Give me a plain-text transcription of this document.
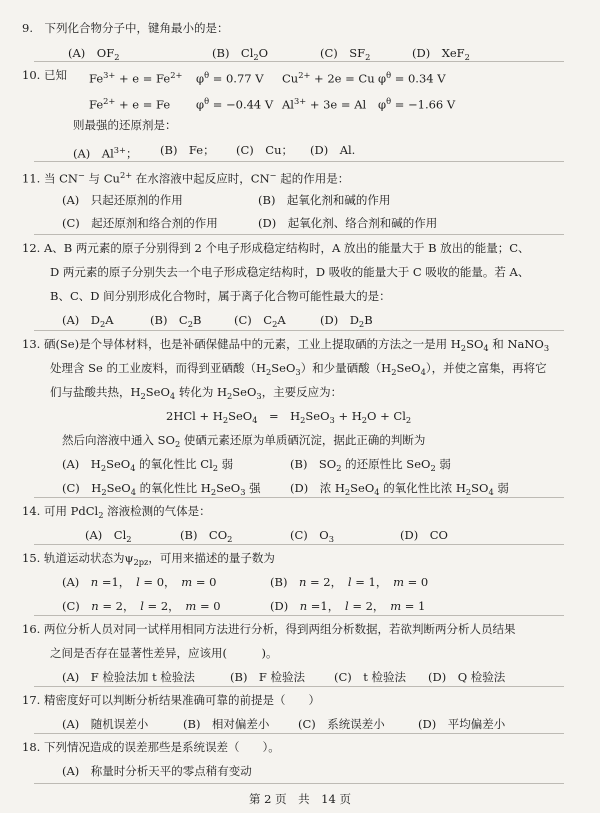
9.　下列化合物分子中，键角最小的是：
(A)　$OF_2$	(B)　$Cl_2O$	(C)　$SF_2$	(D)　XeF$_2$
10. 已知 $Fe^{3+} + e = Fe^{2+}$ $\varphi^\theta = 0.77$ V $Cu^{2+} + 2e = Cu$ $\varphi^\theta = 0.34$ V
$Fe^{2+} + e = Fe$ $\varphi^\theta = -0.44$ V $Al^{3+} + 3e = Al$ $\varphi^\theta = -1.66$ V
则最强的还原剂是：
(A)　$Al^{3+}$； (B)　Fe； (C)　Cu； (D)　Al.
11. 当 CN− 与 $Cu^{2+}$ 在水溶液中起反应时，CN− 起的作用是：
(A)　只起还原剂的作用	(B)　起氧化剂和碱的作用
(C)　起还原剂和络合剂的作用	(D)　起氧化剂、络合剂和碱的作用
12. A、B 两元素的原子分别得到 2 个电子形成稳定结构时，A 放出的能量大于 B 放出的能量；C、
D 两元素的原子分别失去一个电子形成稳定结构时，D 吸收的能量大于 C 吸收的能量。若 A、
B、C、D 间分别形成化合物时，属于离子化合物可能性最大的是：
(A)　$D_2A$	(B)　$C_2B$	(C)　$C_2A$	(D)　$D_2B$
13. 硒(Se)是个导体材料，也是补硒保健品中的元素，工业上提取硒的方法之一是用 $H_2SO_4$ 和 NaNO$_3$
处理含 Se 的工业废料，而得到亚硒酸$(H_2SeO_3)$和少量硒酸$(H_2SeO_4)$，并使之富集，再将它
们与盐酸共热，$H_2SeO_4$ 转化为 $H_2SeO_3$，主要反应为：
$2HCl + H_2SeO_4$　=　$H_2SeO_3 + H_2O + Cl_2$
然后向溶液中通入 $SO_2$ 使硒元素还原为单质硒沉淀，据此正确的判断为
(A)　$H_2SeO_4$ 的氧化性比 $Cl_2$ 弱	(B)　$SO_2$ 的还原性比 SeO$_2$ 弱
(C)　$H_2SeO_4$ 的氧化性比 $H_2SeO_3$ 强	(D)　浓 $H_2SeO_4$ 的氧化性比浓 $H_2SO_4$ 弱
14. 可用 PdCl$_2$ 溶液检测的气体是：
(A)　$Cl_2$	(B)　$CO_2$	(C)　$O_3$	(D)　CO
15. 轨道运动状态为$\psi_{2pz}$，可用来描述的量子数为
(A)　n =1，　l = 0，　m = 0	(B)　n = 2，　l = 1，　m = 0
(C)　n = 2，　l = 2，　m = 0	(D)　n =1，　l = 2，　m = 1
16. 两位分析人员对同一试样用相同方法进行分析，得到两组分析数据，若欲判断两分析人员结果
之间是否存在显著性差异，应该用(　　　)。
(A)　F 检验法加 t 检验法	(B)　F 检验法	(C)　t 检验法 (D)　Q 检验法
17. 精密度好可以判断分析结果准确可靠的前提是（　　）
(A)　随机误差小	(B)　相对偏差小 (C)　系统误差小	(D)　平均偏差小
18. 下列情况造成的误差那些是系统误差（　　）。
(A)　称量时分析天平的零点稍有变动
第 2 页　共　14 页
